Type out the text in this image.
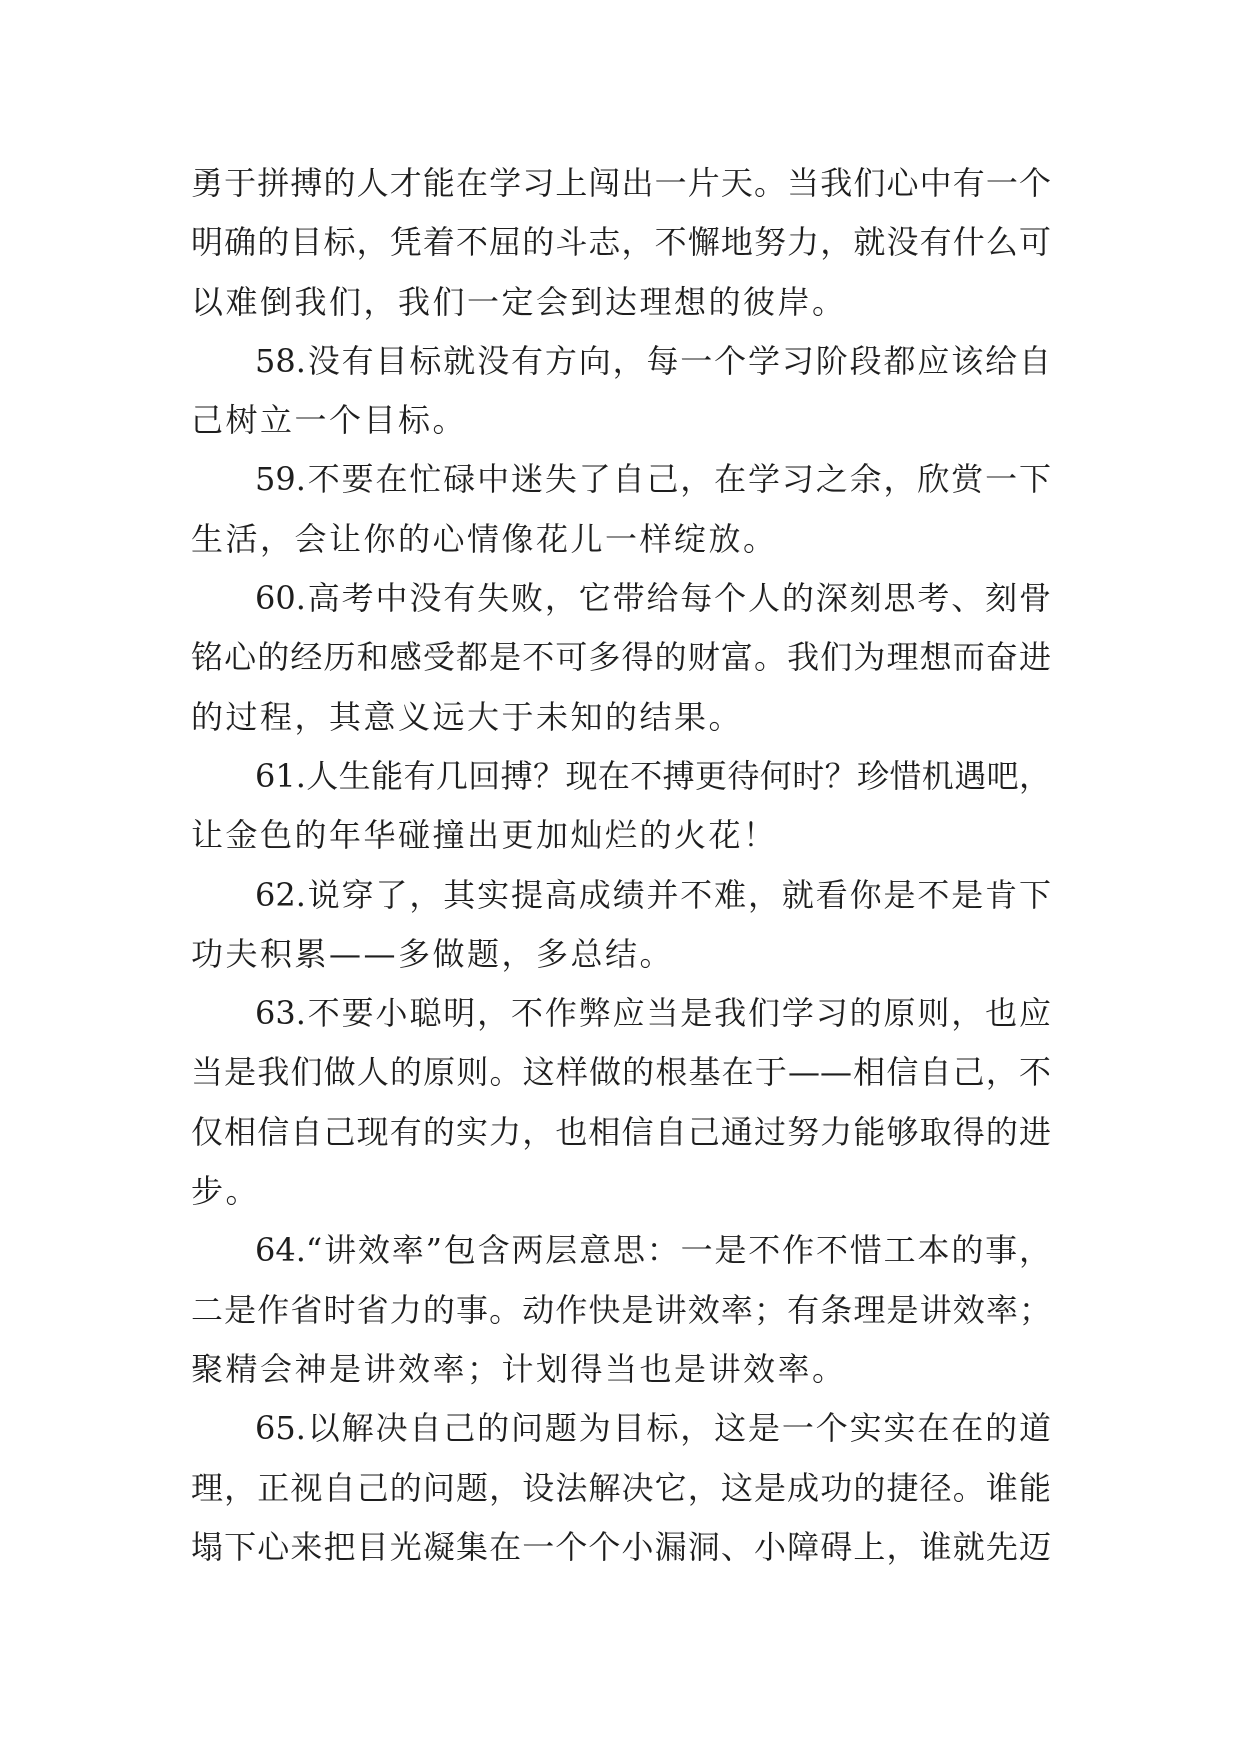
勇于拼搏的人才能在学习上闯出一片天。当我们心中有一个
明确的目标，凭着不屈的斗志，不懈地努力，就没有什么可
以难倒我们，我们一定会到达理想的彼岸。
58.没有目标就没有方向，每一个学习阶段都应该给自
己树立一个目标。
59.不要在忙碌中迷失了自己，在学习之余，欣赏一下
生活，会让你的心情像花儿一样绽放。
60.高考中没有失败，它带给每个人的深刻思考、刻骨
铭心的经历和感受都是不可多得的财富。我们为理想而奋进
的过程，其意义远大于未知的结果。
61.人生能有几回搏？现在不搏更待何时？珍惜机遇吧，
让金色的年华碰撞出更加灿烂的火花！
62.说穿了，其实提高成绩并不难，就看你是不是肯下
功夫积累——多做题，多总结。
63.不要小聪明，不作弊应当是我们学习的原则，也应
当是我们做人的原则。这样做的根基在于——相信自己，不
仅相信自己现有的实力，也相信自己通过努力能够取得的进
步。
64.“讲效率”包含两层意思：一是不作不惜工本的事，
二是作省时省力的事。动作快是讲效率；有条理是讲效率；
聚精会神是讲效率；计划得当也是讲效率。
65.以解决自己的问题为目标，这是一个实实在在的道
理，正视自己的问题，设法解决它，这是成功的捷径。谁能
塌下心来把目光凝集在一个个小漏洞、小障碍上，谁就先迈
